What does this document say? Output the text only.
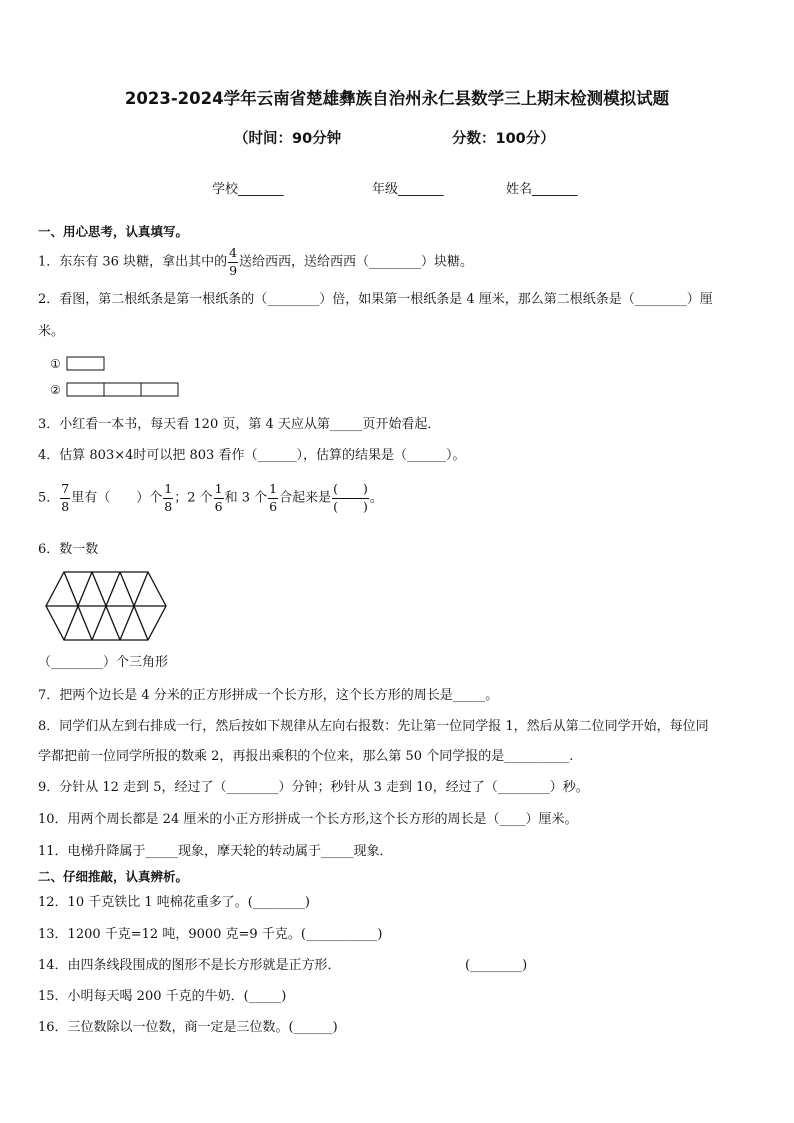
2023-2024学年云南省楚雄彝族自治州永仁县数学三上期末检测模拟试题
（时间：90分钟	分数：100分）
学校_______	年级_______	姓名_______
一、用心思考，认真填写。
1．东东有 36 块糖，拿出其中的 $\frac{4}{9}$ 送给西西，送给西西（________）块糖。
2．看图，第二根纸条是第一根纸条的（________）倍，如果第一根纸条是 4 厘米，那么第二根纸条是（________）厘
米。
①
②
3．小红看一本书，每天看 120 页，第 4 天应从第_____页开始看起．
4．估算 803×4时可以把 803 看作（______），估算的结果是（______）。
5． $\frac{7}{8}$ 里有（　　）个 $\frac{1}{8}$ ；2 个 $\frac{1}{6}$ 和 3 个 $\frac{1}{6}$ 合起来是 $\frac{( )}{( )}$ 。
6．数一数
（________）个三角形
7．把两个边长是 4 分米的正方形拼成一个长方形，这个长方形的周长是_____。
8．同学们从左到右排成一行，然后按如下规律从左向右报数：先让第一位同学报 1，然后从第二位同学开始，每位同
学都把前一位同学所报的数乘 2，再报出乘积的个位来，那么第 50 个同学报的是__________.
9．分针从 12 走到 5，经过了（________）分钟；秒针从 3 走到 10，经过了（________）秒。
10．用两个周长都是 24 厘米的小正方形拼成一个长方形,这个长方形的周长是（____）厘米。
11．电梯升降属于_____现象，摩天轮的转动属于_____现象．
二、仔细推敲，认真辨析。
12．10 千克铁比 1 吨棉花重多了。(________)
13．1200 千克=12 吨，9000 克=9 千克。(___________)
14．由四条线段围成的图形不是长方形就是正方形．	(________)
15．小明每天喝 200 千克的牛奶．(_____)
16．三位数除以一位数，商一定是三位数。(______)
